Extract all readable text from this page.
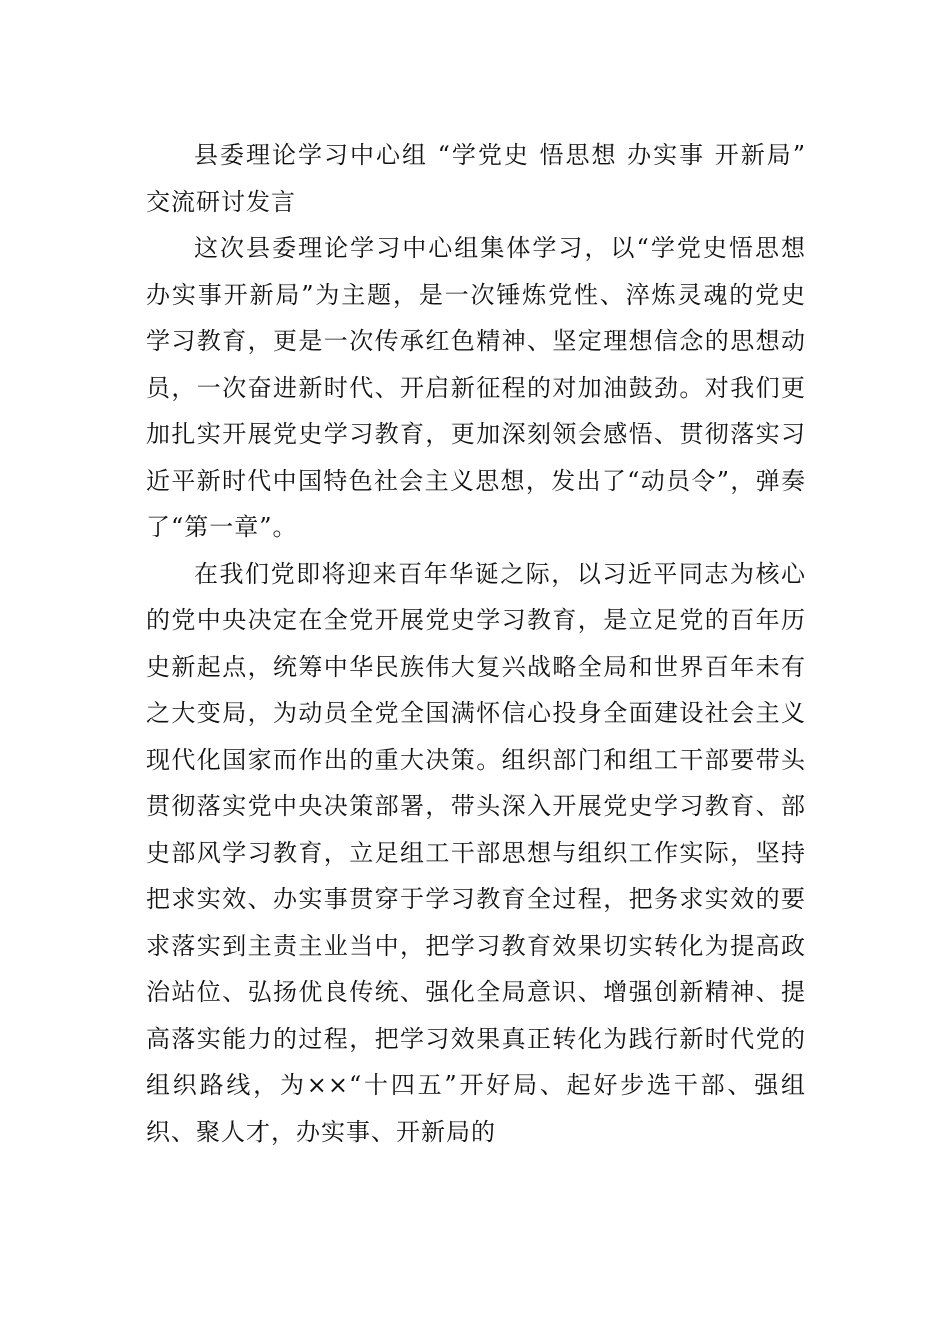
县委理论学习中心组 “学党史 悟思想 办实事 开新局” 交流研讨发言

这次县委理论学习中心组集体学习，以“学党史悟思想办实事开新局”为主题，是一次锤炼党性、淬炼灵魂的党史学习教育，更是一次传承红色精神、坚定理想信念的思想动员，一次奋进新时代、开启新征程的对加油鼓劲。对我们更加扎实开展党史学习教育，更加深刻领会感悟、贯彻落实习近平新时代中国特色社会主义思想，发出了“动员令”，弹奏了“第一章”。

在我们党即将迎来百年华诞之际，以习近平同志为核心的党中央决定在全党开展党史学习教育，是立足党的百年历史新起点，统筹中华民族伟大复兴战略全局和世界百年未有之大变局，为动员全党全国满怀信心投身全面建设社会主义现代化国家而作出的重大决策。组织部门和组工干部要带头贯彻落实党中央决策部署，带头深入开展党史学习教育、部史部风学习教育，立足组工干部思想与组织工作实际，坚持把求实效、办实事贯穿于学习教育全过程，把务求实效的要求落实到主责主业当中，把学习教育效果切实转化为提高政治站位、弘扬优良传统、强化全局意识、增强创新精神、提高落实能力的过程，把学习效果真正转化为践行新时代党的组织路线，为××“十四五”开好局、起好步选干部、强组织、聚人才，办实事、开新局的
